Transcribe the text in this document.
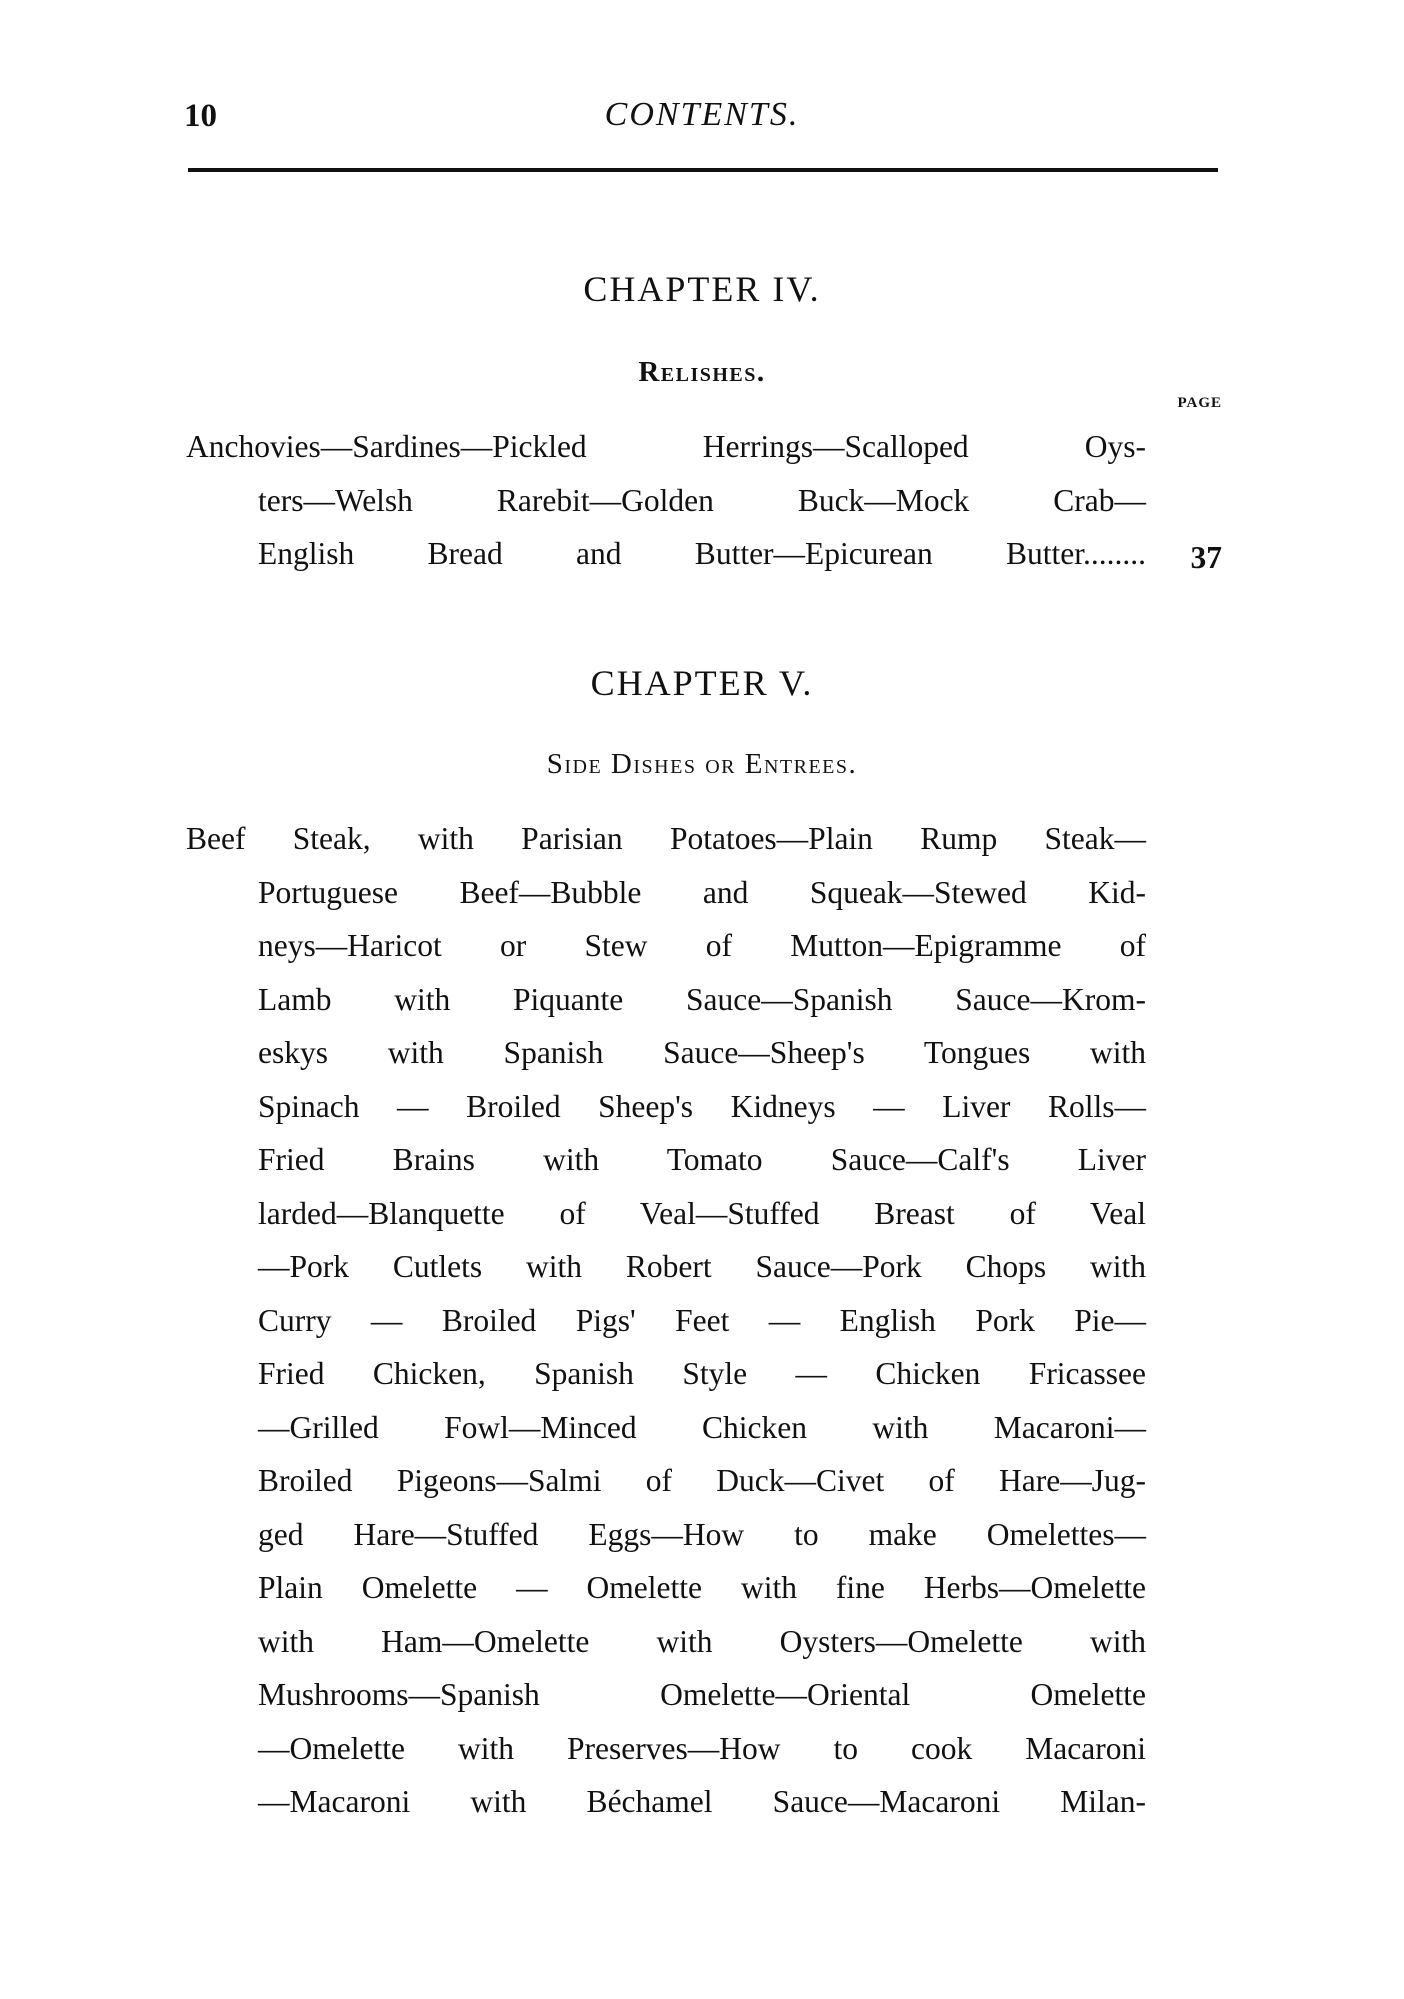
10	CONTENTS.
CHAPTER IV.
Relishes.
PAGE
Anchovies—Sardines—Pickled Herrings—Scalloped Oys-
ters—Welsh Rarebit—Golden Buck—Mock Crab—
English Bread and Butter—Epicurean Butter........ 37
CHAPTER V.
Side Dishes or Entrees.
Beef Steak, with Parisian Potatoes—Plain Rump Steak—
Portuguese Beef—Bubble and Squeak—Stewed Kid-
neys—Haricot or Stew of Mutton—Epigramme of
Lamb with Piquante Sauce—Spanish Sauce—Krom-
eskys with Spanish Sauce—Sheep's Tongues with
Spinach — Broiled Sheep's Kidneys — Liver Rolls—
Fried Brains with Tomato Sauce—Calf's Liver
larded—Blanquette of Veal—Stuffed Breast of Veal
—Pork Cutlets with Robert Sauce—Pork Chops with
Curry — Broiled Pigs' Feet — English Pork Pie—
Fried Chicken, Spanish Style — Chicken Fricassee
—Grilled Fowl—Minced Chicken with Macaroni—
Broiled Pigeons—Salmi of Duck—Civet of Hare—Jug-
ged Hare—Stuffed Eggs—How to make Omelettes—
Plain Omelette — Omelette with fine Herbs—Omelette
with Ham—Omelette with Oysters—Omelette with
Mushrooms—Spanish Omelette—Oriental Omelette
—Omelette with Preserves—How to cook Macaroni
—Macaroni with Béchamel Sauce—Macaroni Milan-
